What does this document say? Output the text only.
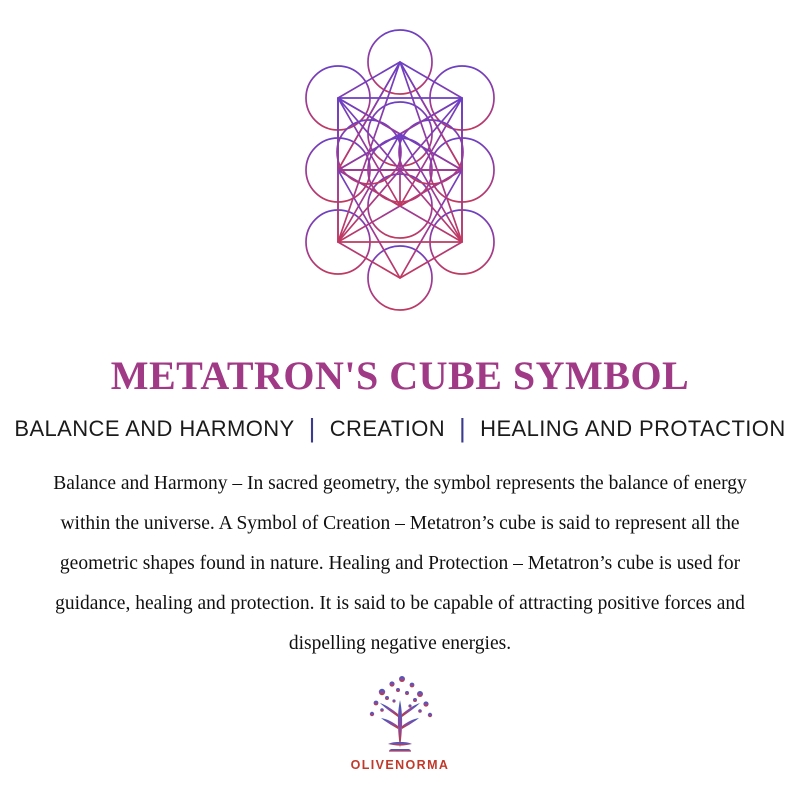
METATRON'S CUBE SYMBOL
BALANCE AND HARMONY | CREATION | HEALING AND PROTACTION

Balance and Harmony – In sacred geometry, the symbol represents the balance of energy within the universe. A Symbol of Creation – Metatron’s cube is said to represent all the geometric shapes found in nature. Healing and Protection – Metatron’s cube is used for guidance, healing and protection. It is said to be capable of attracting positive forces and dispelling negative energies.

OLIVENORMA
